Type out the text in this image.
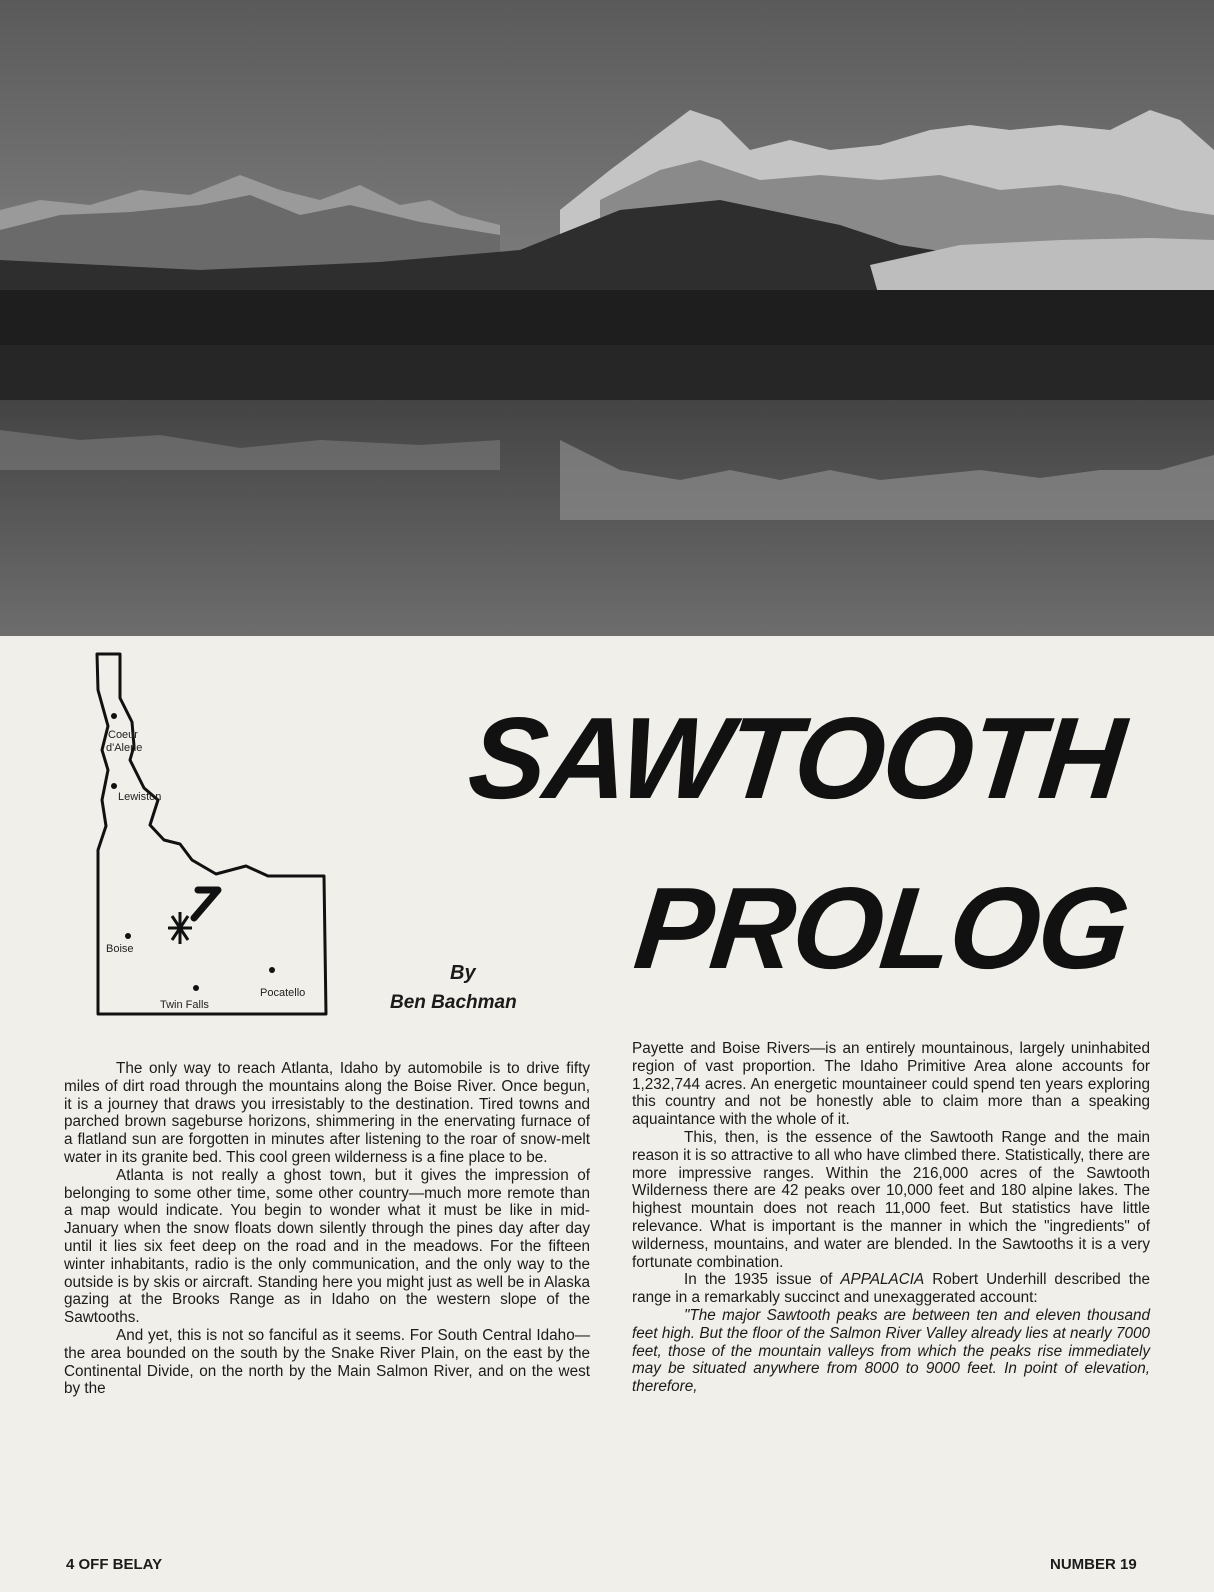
Coeur
d'Alene
Lewiston
Boise
Twin Falls
Pocatello
SAWTOOTH
PROLOG
By
Ben Bachman

The only way to reach Atlanta, Idaho by automobile is to drive fifty miles of dirt road through the mountains along the Boise River. Once begun, it is a journey that draws you irresistably to the destination. Tired towns and parched brown sageburse horizons, shimmering in the enervating furnace of a flatland sun are forgotten in minutes after listening to the roar of snow-melt water in its granite bed. This cool green wilderness is a fine place to be.

Atlanta is not really a ghost town, but it gives the impression of belonging to some other time, some other country—much more remote than a map would indicate. You begin to wonder what it must be like in mid-January when the snow floats down silently through the pines day after day until it lies six feet deep on the road and in the meadows. For the fifteen winter inhabitants, radio is the only communication, and the only way to the outside is by skis or aircraft. Standing here you might just as well be in Alaska gazing at the Brooks Range as in Idaho on the western slope of the Sawtooths.

And yet, this is not so fanciful as it seems. For South Central Idaho—the area bounded on the south by the Snake River Plain, on the east by the Continental Divide, on the north by the Main Salmon River, and on the west by the

Payette and Boise Rivers—is an entirely mountainous, largely uninhabited region of vast proportion. The Idaho Primitive Area alone accounts for 1,232,744 acres. An energetic mountaineer could spend ten years exploring this country and not be honestly able to claim more than a speaking aquaintance with the whole of it.

This, then, is the essence of the Sawtooth Range and the main reason it is so attractive to all who have climbed there. Statistically, there are more impressive ranges. Within the 216,000 acres of the Sawtooth Wilderness there are 42 peaks over 10,000 feet and 180 alpine lakes. The highest mountain does not reach 11,000 feet. But statistics have little relevance. What is important is the manner in which the "ingredients" of wilderness, mountains, and water are blended. In the Sawtooths it is a very fortunate combination.

In the 1935 issue of APPALACIA Robert Underhill described the range in a remarkably succinct and unexaggerated account:

"The major Sawtooth peaks are between ten and eleven thousand feet high. But the floor of the Salmon River Valley already lies at nearly 7000 feet, those of the mountain valleys from which the peaks rise immediately may be situated anywhere from 8000 to 9000 feet. In point of elevation, therefore,

4 OFF BELAY	NUMBER 19
